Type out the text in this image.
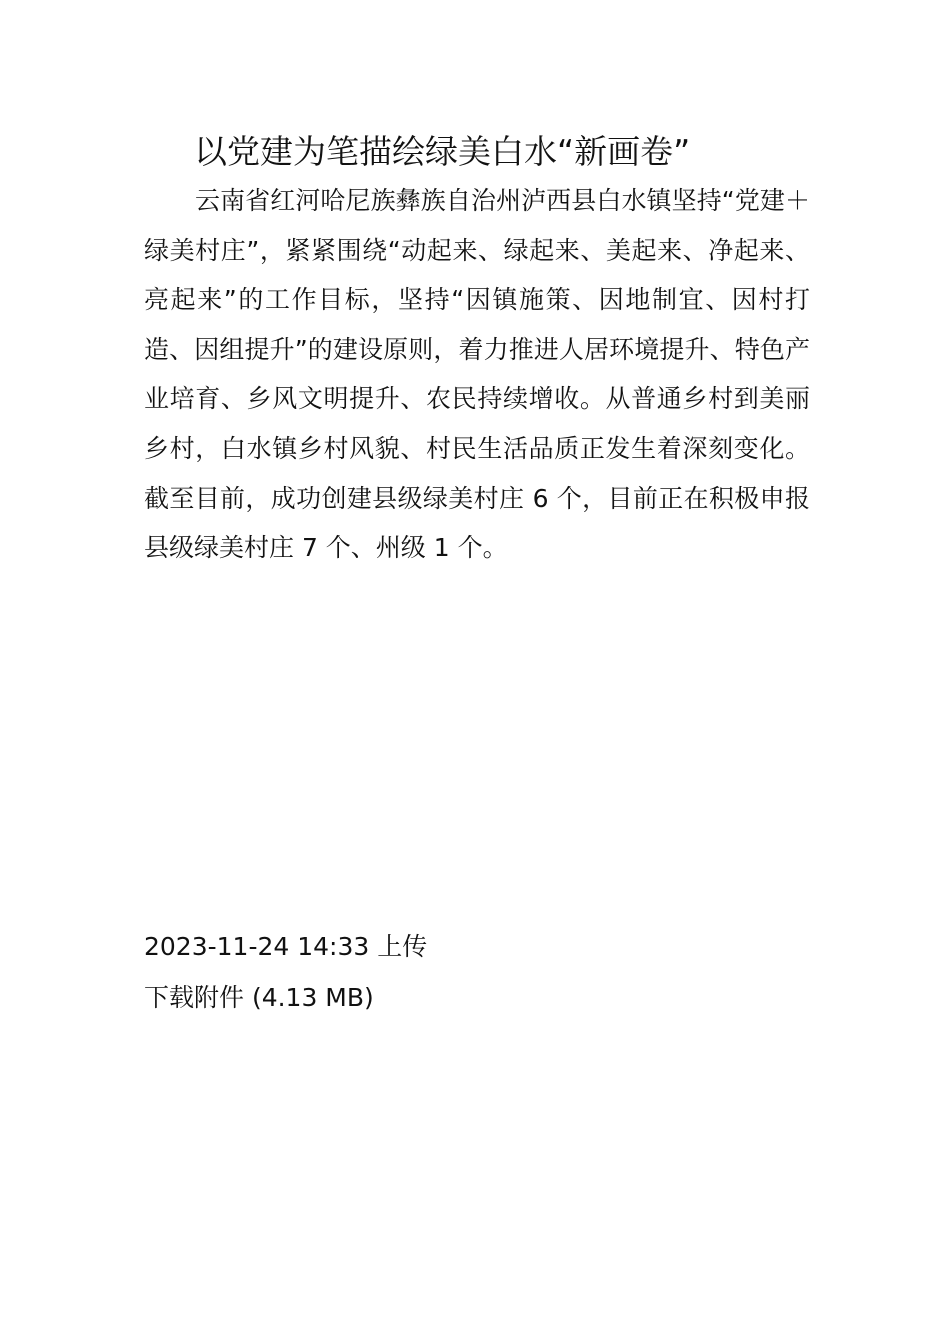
以党建为笔描绘绿美白水“新画卷”
云南省红河哈尼族彝族自治州泸西县白水镇坚持“党建＋绿美村庄”，紧紧围绕“动起来、绿起来、美起来、净起来、亮起来”的工作目标，坚持“因镇施策、因地制宜、因村打造、因组提升”的建设原则，着力推进人居环境提升、特色产业培育、乡风文明提升、农民持续增收。从普通乡村到美丽乡村，白水镇乡村风貌、村民生活品质正发生着深刻变化。截至目前，成功创建县级绿美村庄 6 个，目前正在积极申报县级绿美村庄 7 个、州级 1 个。
2023-11-24 14:33 上传
下载附件 (4.13 MB)
